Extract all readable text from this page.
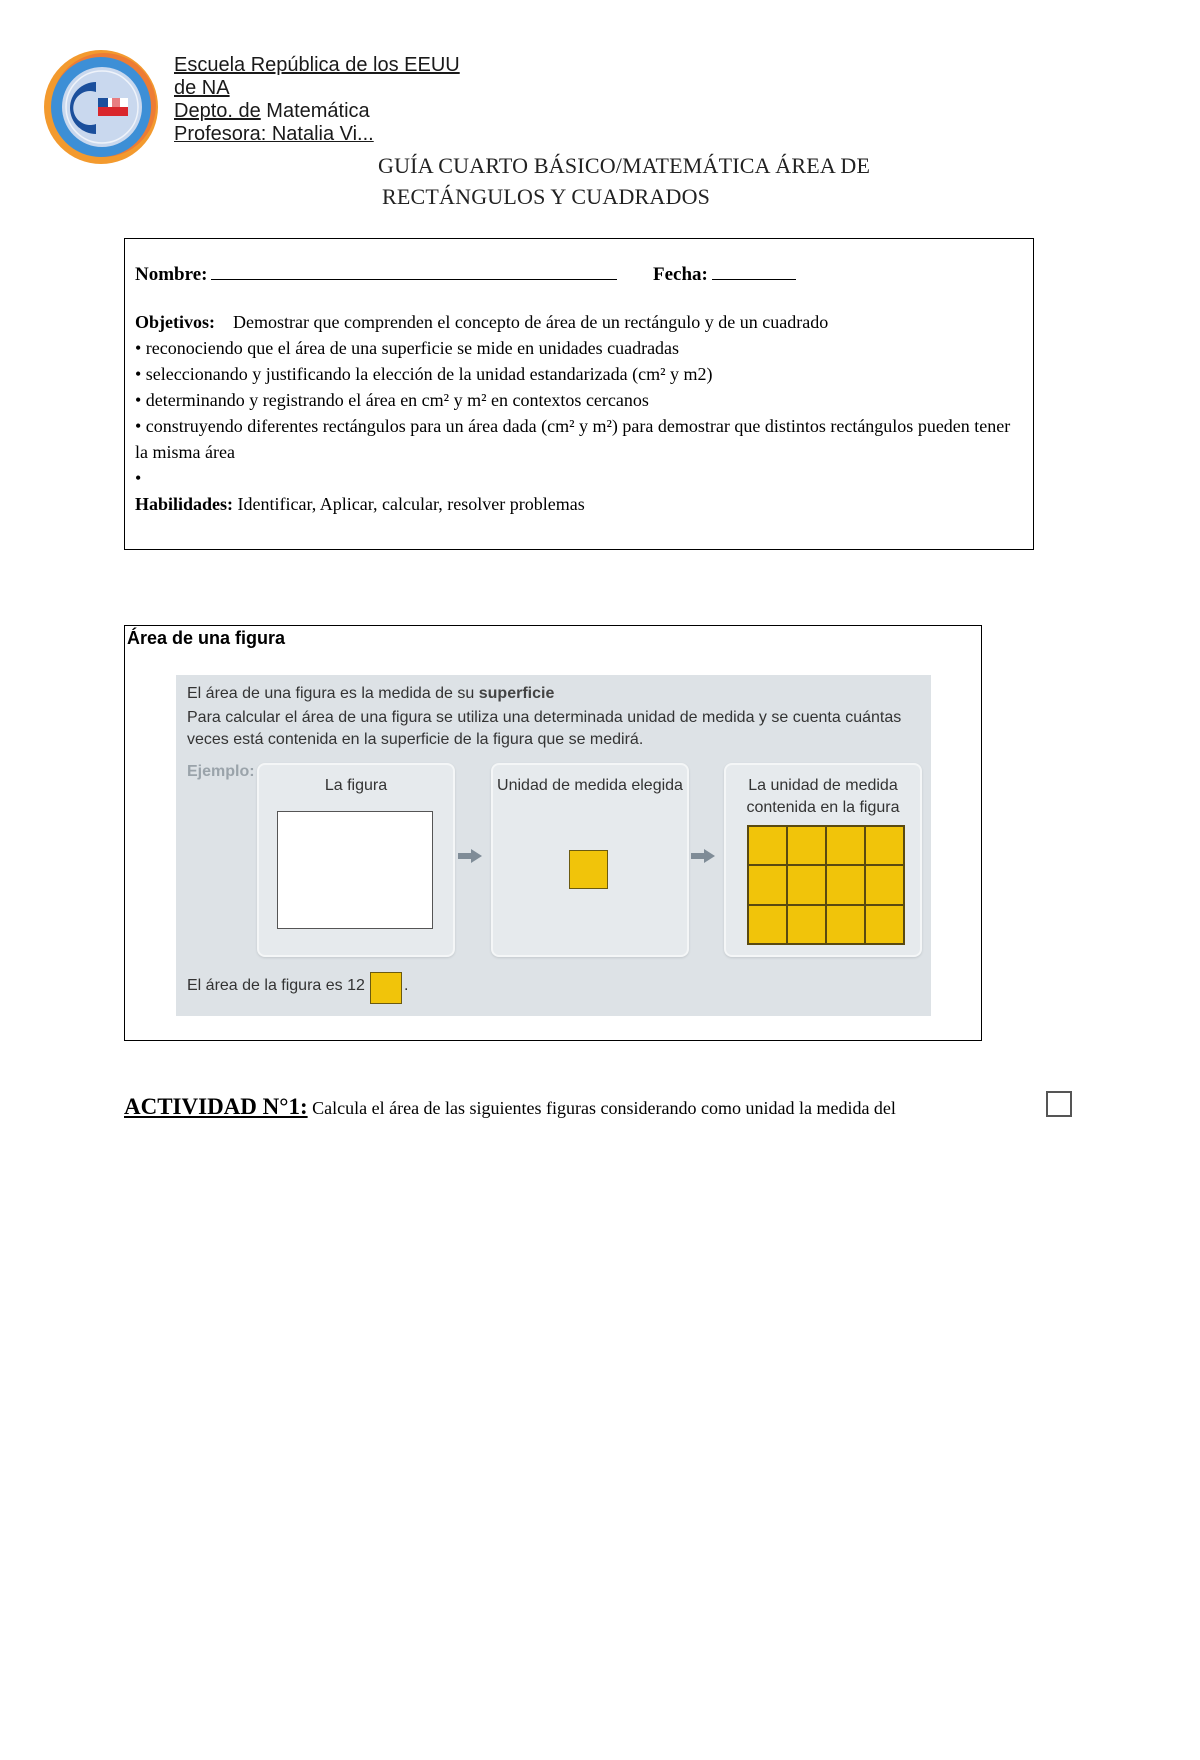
Escuela República de los EEUU
de NA
Depto. de Matemática
Profesora: Natalia Vi...
GUÍA CUARTO BÁSICO/MATEMÁTICA ÁREA DE
RECTÁNGULOS Y CUADRADOS
Nombre:	Fecha:
Objetivos: Demostrar que comprenden el concepto de área de un rectángulo y de un cuadrado
• reconociendo que el área de una superficie se mide en unidades cuadradas
• seleccionando y justificando la elección de la unidad estandarizada (cm² y m2)
• determinando y registrando el área en cm² y m² en contextos cercanos
• construyendo diferentes rectángulos para un área dada (cm² y m²) para demostrar que distintos rectángulos pueden tener la misma área
•
Habilidades: Identificar, Aplicar, calcular, resolver problemas
Área de una figura
El área de una figura es la medida de su superficie
Para calcular el área de una figura se utiliza una determinada unidad de medida y se cuenta cuántas veces está contenida en la superficie de la figura que se medirá.
Ejemplo:
La figura	Unidad de medida elegida	La unidad de medida contenida en la figura
El área de la figura es 12 .
ACTIVIDAD N°1: Calcula el área de las siguientes figuras considerando como unidad la medida del
